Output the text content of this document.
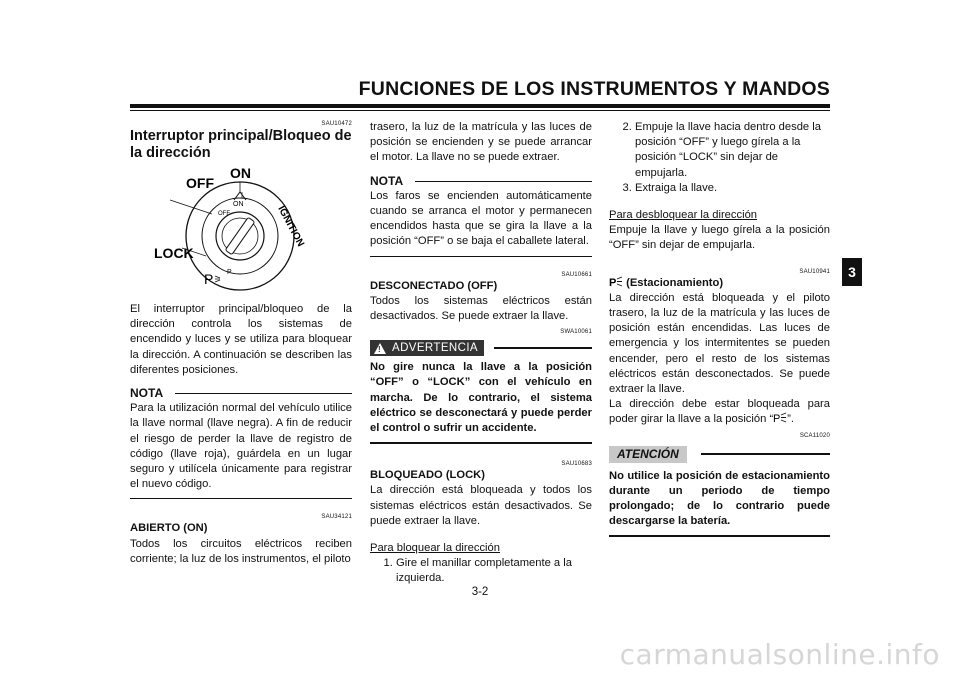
FUNCIONES DE LOS INSTRUMENTOS Y MANDOS
3
SAU10472
Interruptor principal/Bloqueo de la dirección
ON
OFF
P
IGNITION
OFF
ON
LOCK
P

El interruptor principal/bloqueo de la dirección controla los sistemas de encendido y luces y se utiliza para bloquear la dirección. A continuación se describen las diferentes posiciones.

NOTA

Para la utilización normal del vehículo utilice la llave normal (llave negra). A fin de reducir el riesgo de perder la llave de registro de código (llave roja), guárdela en un lugar seguro y utilícela únicamente para registrar el nuevo código.

SAU34121
ABIERTO (ON)

Todos los circuitos eléctricos reciben corriente; la luz de los instrumentos, el piloto

trasero, la luz de la matrícula y las luces de posición se encienden y se puede arrancar el motor. La llave no se puede extraer.

NOTA

Los faros se encienden automáticamente cuando se arranca el motor y permanecen encendidos hasta que se gira la llave a la posición “OFF” o se baja el caballete lateral.

SAU10661
DESCONECTADO (OFF)

Todos los sistemas eléctricos están desactivados. Se puede extraer la llave.

SWA10061
! ADVERTENCIA

No gire nunca la llave a la posición “OFF” o “LOCK” con el vehículo en marcha. De lo contrario, el sistema eléctrico se desconectará y puede perder el control o sufrir un accidente.

SAU10683
BLOQUEADO (LOCK)

La dirección está bloqueada y todos los sistemas eléctricos están desactivados. Se puede extraer la llave.

Para bloquear la dirección
1. Gire el manillar completamente a la izquierda.
2. Empuje la llave hacia dentro desde la posición “OFF” y luego gírela a la posición “LOCK” sin dejar de empujarla.
3. Extraiga la llave.
Para desbloquear la dirección

Empuje la llave y luego gírela a la posición “OFF” sin dejar de empujarla.

SAU10941
P (Estacionamiento)

La dirección está bloqueada y el piloto trasero, la luz de la matrícula y las luces de posición están encendidas. Las luces de emergencia y los intermitentes se pueden encender, pero el resto de los sistemas eléctricos están desconectados. Se puede extraer la llave.

La dirección debe estar bloqueada para poder girar la llave a la posición “ P ”.

SCA11020
ATENCIÓN

No utilice la posición de estacionamiento durante un periodo de tiempo prolongado; de lo contrario puede descargarse la batería.

3-2
carmanualsonline.info
